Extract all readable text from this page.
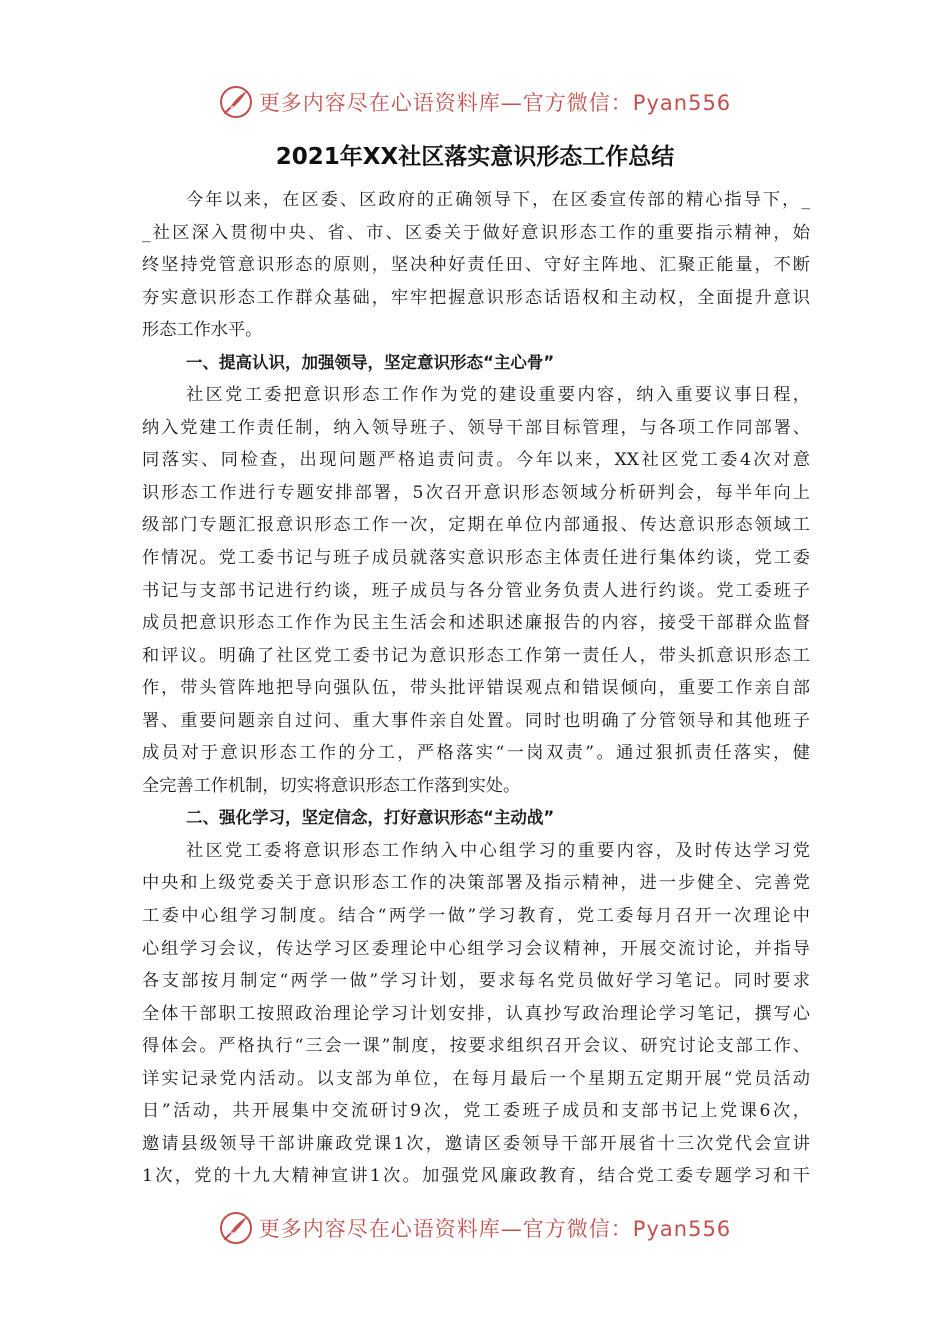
更多内容尽在心语资料库—官方微信：Pyan556
2021年XX社区落实意识形态工作总结
今年以来，在区委、区政府的正确领导下，在区委宣传部的精心指导下，_
_社区深入贯彻中央、省、市、区委关于做好意识形态工作的重要指示精神，始
终坚持党管意识形态的原则，坚决种好责任田、守好主阵地、汇聚正能量，不断
夯实意识形态工作群众基础，牢牢把握意识形态话语权和主动权，全面提升意识
形态工作水平。
一、提高认识，加强领导，坚定意识形态“主心骨”
社区党工委把意识形态工作作为党的建设重要内容，纳入重要议事日程，
纳入党建工作责任制，纳入领导班子、领导干部目标管理，与各项工作同部署、
同落实、同检查，出现问题严格追责问责。今年以来，XX社区党工委4次对意
识形态工作进行专题安排部署，5次召开意识形态领域分析研判会，每半年向上
级部门专题汇报意识形态工作一次，定期在单位内部通报、传达意识形态领域工
作情况。党工委书记与班子成员就落实意识形态主体责任进行集体约谈，党工委
书记与支部书记进行约谈，班子成员与各分管业务负责人进行约谈。党工委班子
成员把意识形态工作作为民主生活会和述职述廉报告的内容，接受干部群众监督
和评议。明确了社区党工委书记为意识形态工作第一责任人，带头抓意识形态工
作，带头管阵地把导向强队伍，带头批评错误观点和错误倾向，重要工作亲自部
署、重要问题亲自过问、重大事件亲自处置。同时也明确了分管领导和其他班子
成员对于意识形态工作的分工，严格落实“一岗双责”。通过狠抓责任落实，健
全完善工作机制，切实将意识形态工作落到实处。
二、强化学习，坚定信念，打好意识形态“主动战”
社区党工委将意识形态工作纳入中心组学习的重要内容，及时传达学习党
中央和上级党委关于意识形态工作的决策部署及指示精神，进一步健全、完善党
工委中心组学习制度。结合“两学一做”学习教育，党工委每月召开一次理论中
心组学习会议，传达学习区委理论中心组学习会议精神，开展交流讨论，并指导
各支部按月制定“两学一做”学习计划，要求每名党员做好学习笔记。同时要求
全体干部职工按照政治理论学习计划安排，认真抄写政治理论学习笔记，撰写心
得体会。严格执行“三会一课”制度，按要求组织召开会议、研究讨论支部工作、
详实记录党内活动。以支部为单位，在每月最后一个星期五定期开展“党员活动
日”活动，共开展集中交流研讨9次，党工委班子成员和支部书记上党课6次，
邀请县级领导干部讲廉政党课1次，邀请区委领导干部开展省十三次党代会宣讲
1次，党的十九大精神宣讲1次。加强党风廉政教育，结合党工委专题学习和干
更多内容尽在心语资料库—官方微信：Pyan556
